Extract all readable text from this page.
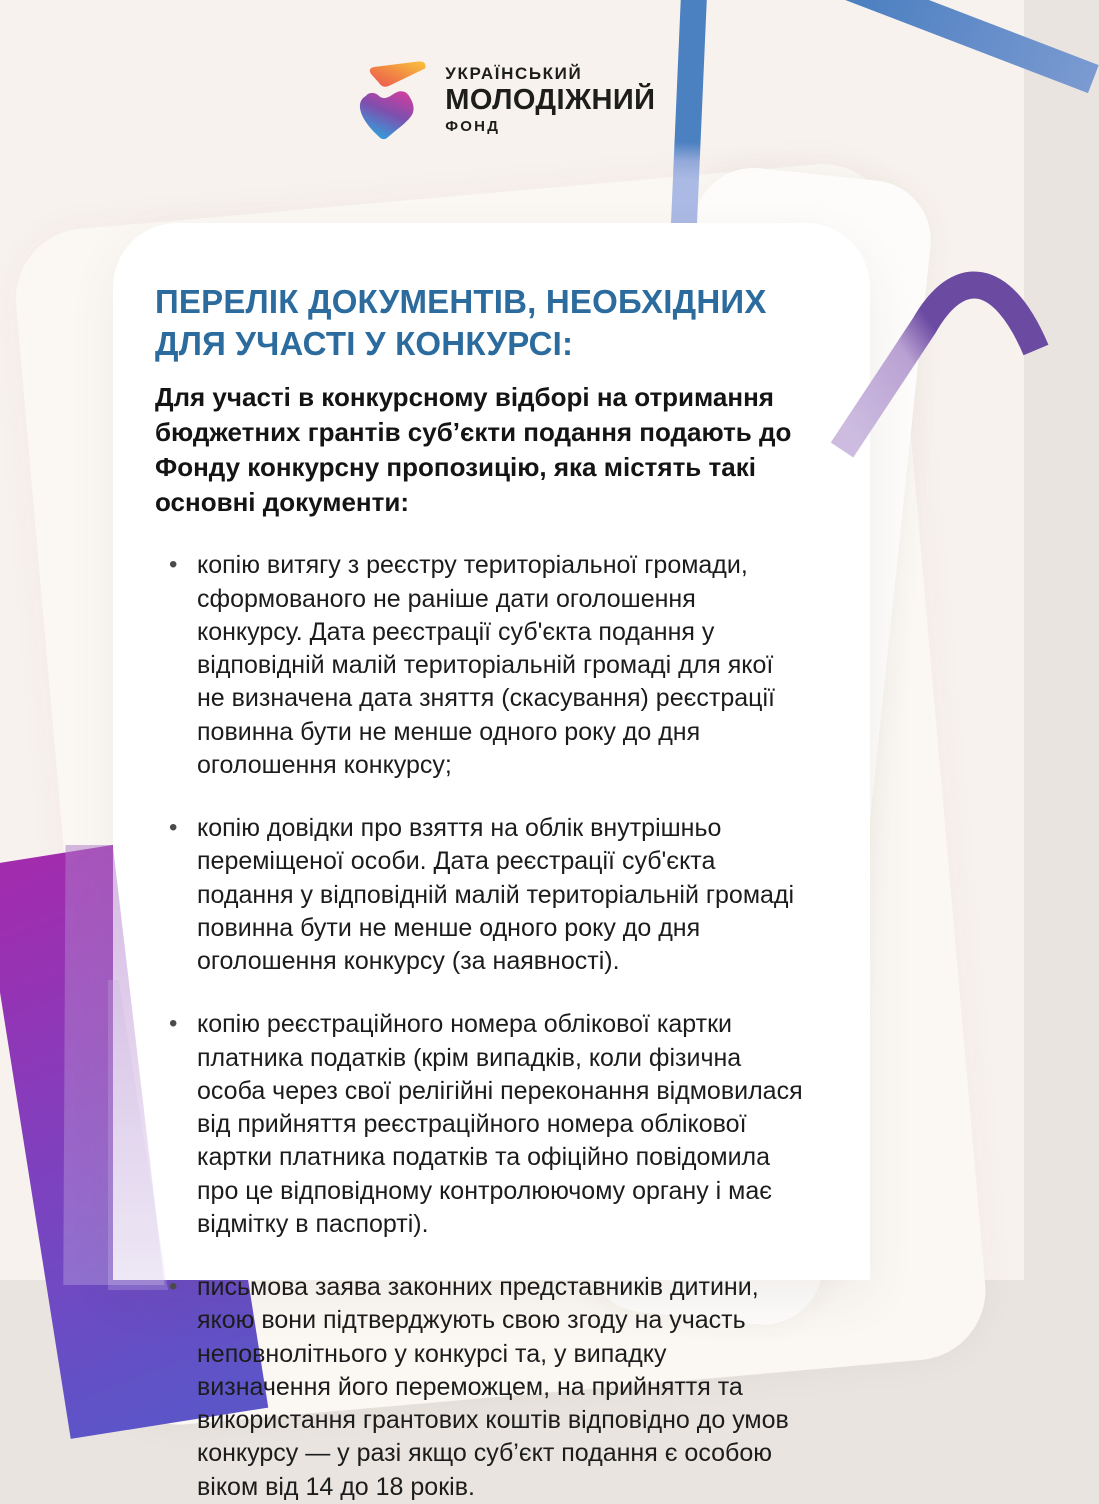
УКРАЇНСЬКИЙ
МОЛОДІЖНИЙ
ФОНД
ПЕРЕЛІК ДОКУМЕНТІВ, НЕОБХІДНИХ ДЛЯ УЧАСТІ У КОНКУРСІ:

Для участі в конкурсному відборі на отримання бюджетних грантів суб’єкти подання подають до Фонду конкурсну пропозицію, яка містять такі основні документи:

• копію витягу з реєстру територіальної громади, сформованого не раніше дати оголошення конкурсу. Дата реєстрації суб'єкта подання у відповідній малій територіальній громаді для якої не визначена дата зняття (скасування) реєстрації повинна бути не менше одного року до дня оголошення конкурсу;
• копію довідки про взяття на облік внутрішньо переміщеної особи. Дата реєстрації суб'єкта подання у відповідній малій територіальній громаді повинна бути не менше одного року до дня оголошення конкурсу (за наявності).
• копію реєстраційного номера облікової картки платника податків (крім випадків, коли фізична особа через свої релігійні переконання відмовилася від прийняття реєстраційного номера облікової картки платника податків та офіційно повідомила про це відповідному контролюючому органу і має відмітку в паспорті).
• письмова заява законних представників дитини, якою вони підтверджують свою згоду на участь неповнолітнього у конкурсі та, у випадку визначення його переможцем, на прийняття та використання грантових коштів відповідно до умов конкурсу — у разі якщо суб’єкт подання є особою віком від 14 до 18 років.
